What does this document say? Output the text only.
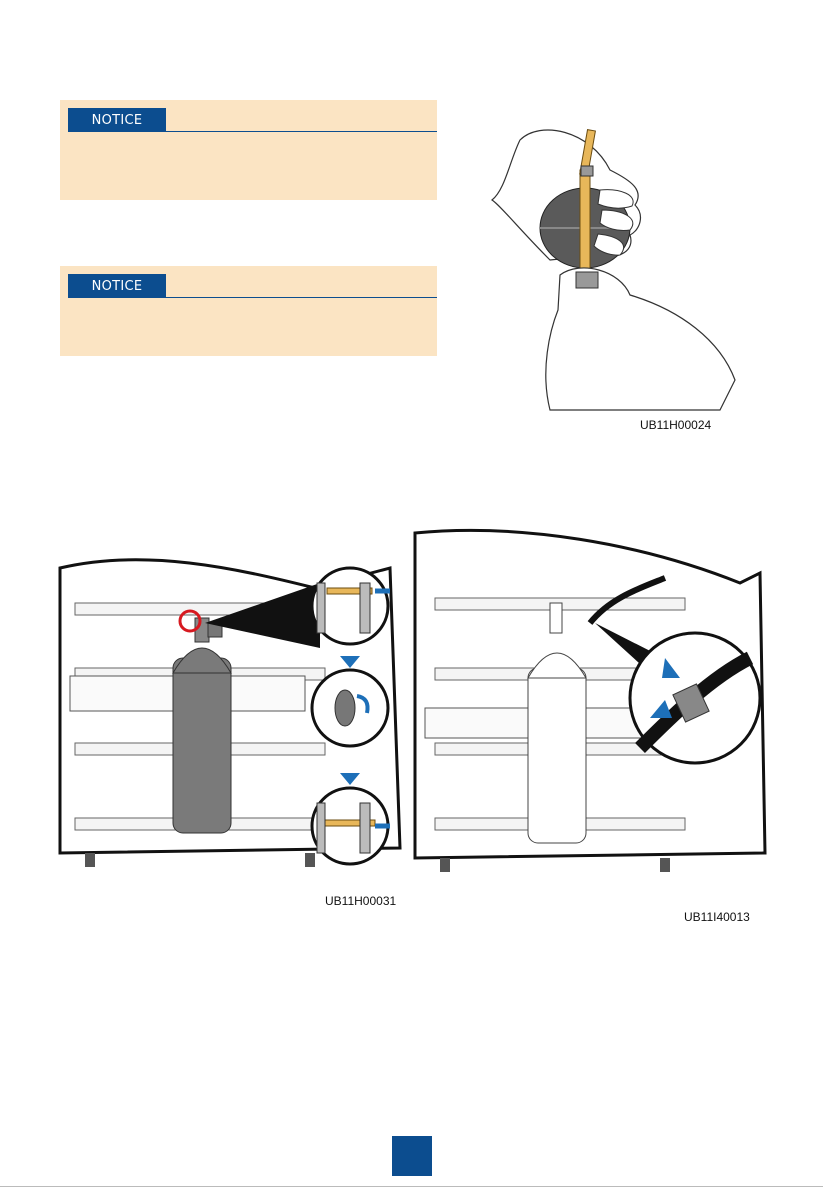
NOTICE
NOTICE
UB11H00024
UB11H00031
UB11I40013
